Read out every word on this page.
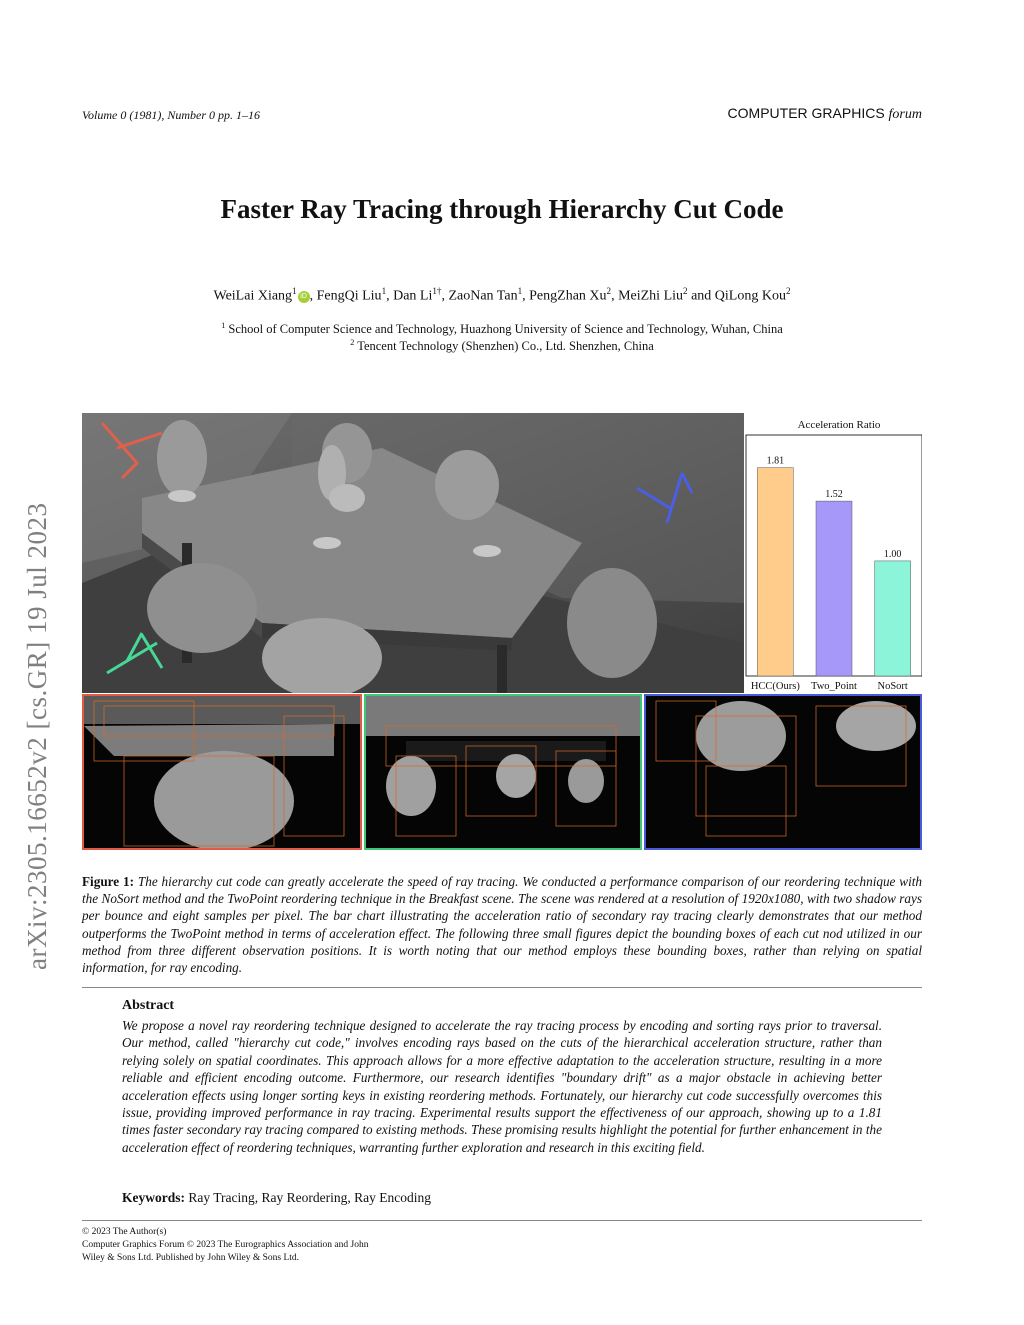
Volume 0 (1981), Number 0 pp. 1–16	COMPUTER GRAPHICS forum
Faster Ray Tracing through Hierarchy Cut Code
WeiLai Xiang$^1$iD , FengQi Liu$^1$, Dan $Li^{1\dagger}$, ZaoNan Tan$^1$, PengZhan Xu$^2$, MeiZhi Liu$^2$ and QiLong Kou$^2$
$^1$ School of Computer Science and Technology, Huazhong University of Science and Technology, Wuhan, China
$^2$ Tencent Technology (Shenzhen) Co., Ltd. Shenzhen, China
arXiv:2305.16652v2 [cs.GR] 19 Jul 2023
Acceleration Ratio
1.81
HCC(Ours)
1.52
Two_Point
1.00
NoSort
Figure 1: The hierarchy cut code can greatly accelerate the speed of ray tracing. We conducted a performance comparison of our reordering technique with the NoSort method and the TwoPoint reordering technique in the Breakfast scene. The scene was rendered at a resolution of 1920x1080, with two shadow rays per bounce and eight samples per pixel. The bar chart illustrating the acceleration ratio of secondary ray tracing clearly demonstrates that our method outperforms the TwoPoint method in terms of acceleration effect. The following three small figures depict the bounding boxes of each cut nod utilized in our method from three different observation positions. It is worth noting that our method employs these bounding boxes, rather than relying on spatial information, for ray encoding.
Abstract
We propose a novel ray reordering technique designed to accelerate the ray tracing process by encoding and sorting rays prior to traversal. Our method, called "hierarchy cut code," involves encoding rays based on the cuts of the hierarchical acceleration structure, rather than relying solely on spatial coordinates. This approach allows for a more effective adaptation to the acceleration structure, resulting in a more reliable and efficient encoding outcome. Furthermore, our research identifies "boundary drift" as a major obstacle in achieving better acceleration effects using longer sorting keys in existing reordering methods. Fortunately, our hierarchy cut code successfully overcomes this issue, providing improved performance in ray tracing. Experimental results support the effectiveness of our approach, showing up to a 1.81 times faster secondary ray tracing compared to existing methods. These promising results highlight the potential for further enhancement in the acceleration effect of reordering techniques, warranting further exploration and research in this exciting field.
Keywords: Ray Tracing, Ray Reordering, Ray Encoding
© 2023 The Author(s)
Computer Graphics Forum © 2023 The Eurographics Association and John
Wiley & Sons Ltd. Published by John Wiley & Sons Ltd.
